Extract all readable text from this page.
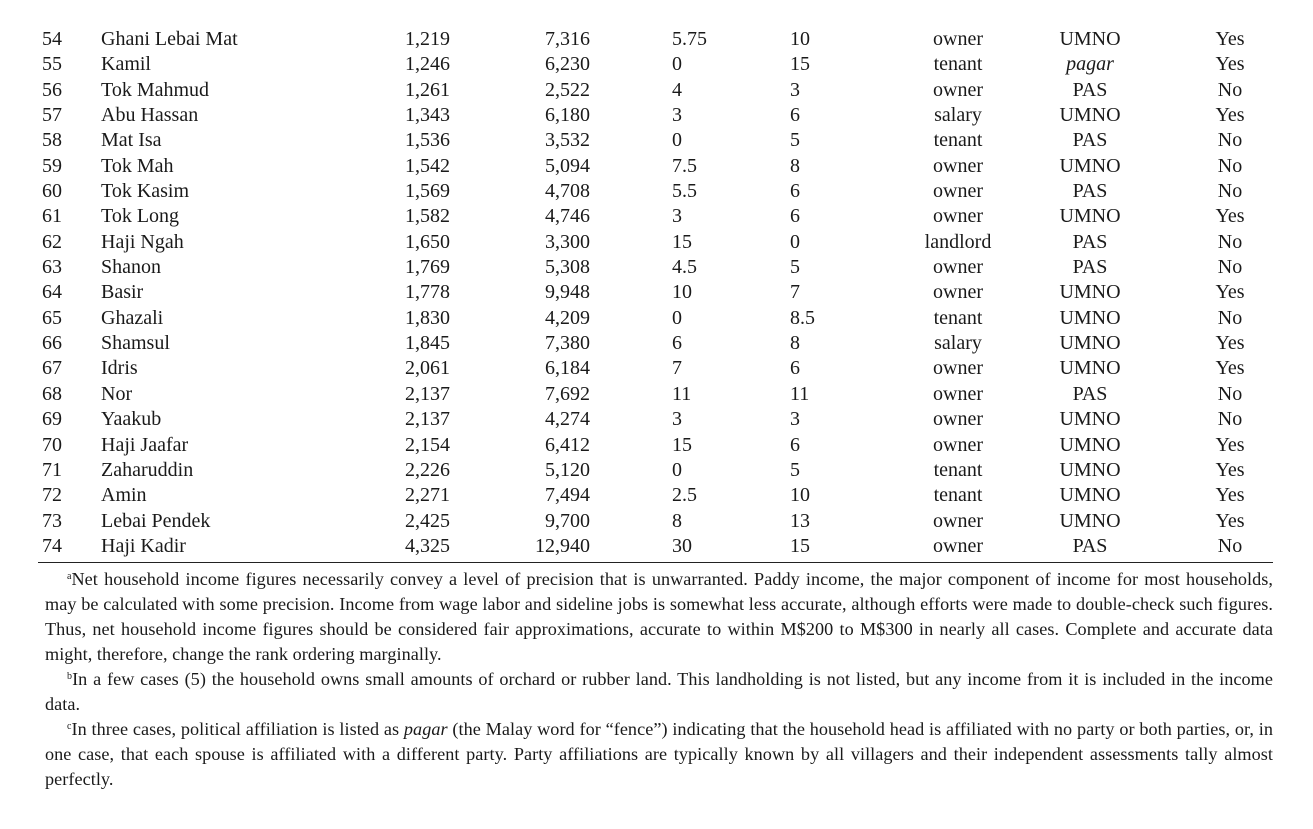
54	Ghani Lebai Mat	1,219	7,316	5.75	10	owner	UMNO	Yes
55	Kamil	1,246	6,230	0	15	tenant	pagar	Yes
56	Tok Mahmud	1,261	2,522	4	3	owner	PAS	No
57	Abu Hassan	1,343	6,180	3	6	salary	UMNO	Yes
58	Mat Isa	1,536	3,532	0	5	tenant	PAS	No
59	Tok Mah	1,542	5,094	7.5	8	owner	UMNO	No
60	Tok Kasim	1,569	4,708	5.5	6	owner	PAS	No
61	Tok Long	1,582	4,746	3	6	owner	UMNO	Yes
62	Haji Ngah	1,650	3,300	15	0	landlord	PAS	No
63	Shanon	1,769	5,308	4.5	5	owner	PAS	No
64	Basir	1,778	9,948	10	7	owner	UMNO	Yes
65	Ghazali	1,830	4,209	0	8.5	tenant	UMNO	No
66	Shamsul	1,845	7,380	6	8	salary	UMNO	Yes
67	Idris	2,061	6,184	7	6	owner	UMNO	Yes
68	Nor	2,137	7,692	11	11	owner	PAS	No
69	Yaakub	2,137	4,274	3	3	owner	UMNO	No
70	Haji Jaafar	2,154	6,412	15	6	owner	UMNO	Yes
71	Zaharuddin	2,226	5,120	0	5	tenant	UMNO	Yes
72	Amin	2,271	7,494	2.5	10	tenant	UMNO	Yes
73	Lebai Pendek	2,425	9,700	8	13	owner	UMNO	Yes
74	Haji Kadir	4,325	12,940	30	15	owner	PAS	No

$^a$Net household income figures necessarily convey a level of precision that is unwarranted. Paddy income, the major component of income for most households, may be calculated with some precision. Income from wage labor and sideline jobs is somewhat less accurate, although efforts were made to double-check such figures. Thus, net household income figures should be considered fair approximations, accurate to within M$200 to M$300 in nearly all cases. Complete and accurate data might, therefore, change the rank ordering marginally.

$^b$In a few cases (5) the household owns small amounts of orchard or rubber land. This landholding is not listed, but any income from it is included in the income data.

$^c$In three cases, political affiliation is listed as pagar (the Malay word for “fence”) indicating that the household head is affiliated with no party or both parties, or, in one case, that each spouse is affiliated with a different party. Party affiliations are typically known by all villagers and their independent assessments tally almost perfectly.
